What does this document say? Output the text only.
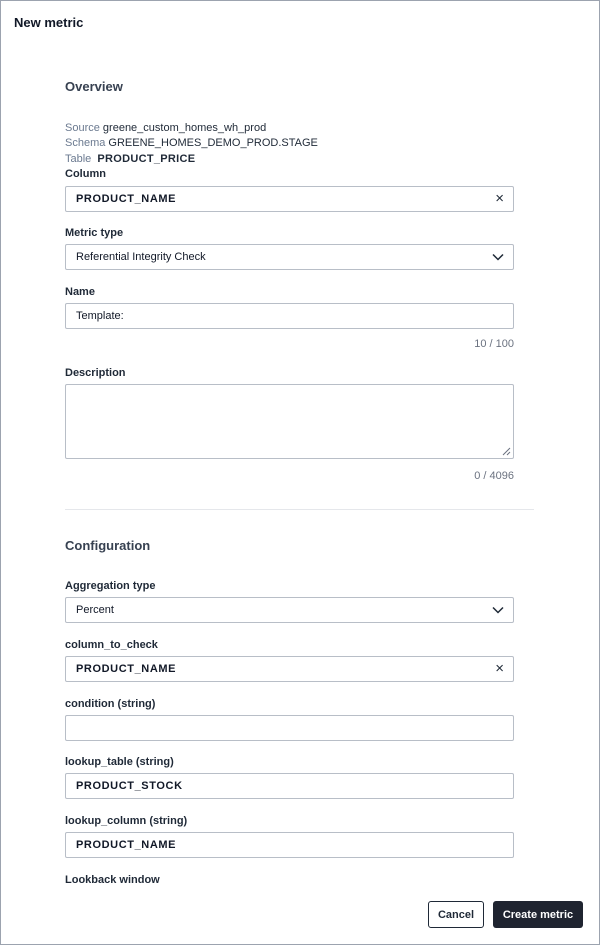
New metric
Overview
Source greene_custom_homes_wh_prod
Schema GREENE_HOMES_DEMO_PROD.STAGE
Table PRODUCT_PRICE
Column
PRODUCT_NAME	×
Metric type
Referential Integrity Check
Name
Template:
10 / 100
Description
0 / 4096
Configuration
Aggregation type
Percent
column_to_check
PRODUCT_NAME	×
condition (string)
lookup_table (string)
PRODUCT_STOCK
lookup_column (string)
PRODUCT_NAME
Lookback window
Cancel	Create metric
